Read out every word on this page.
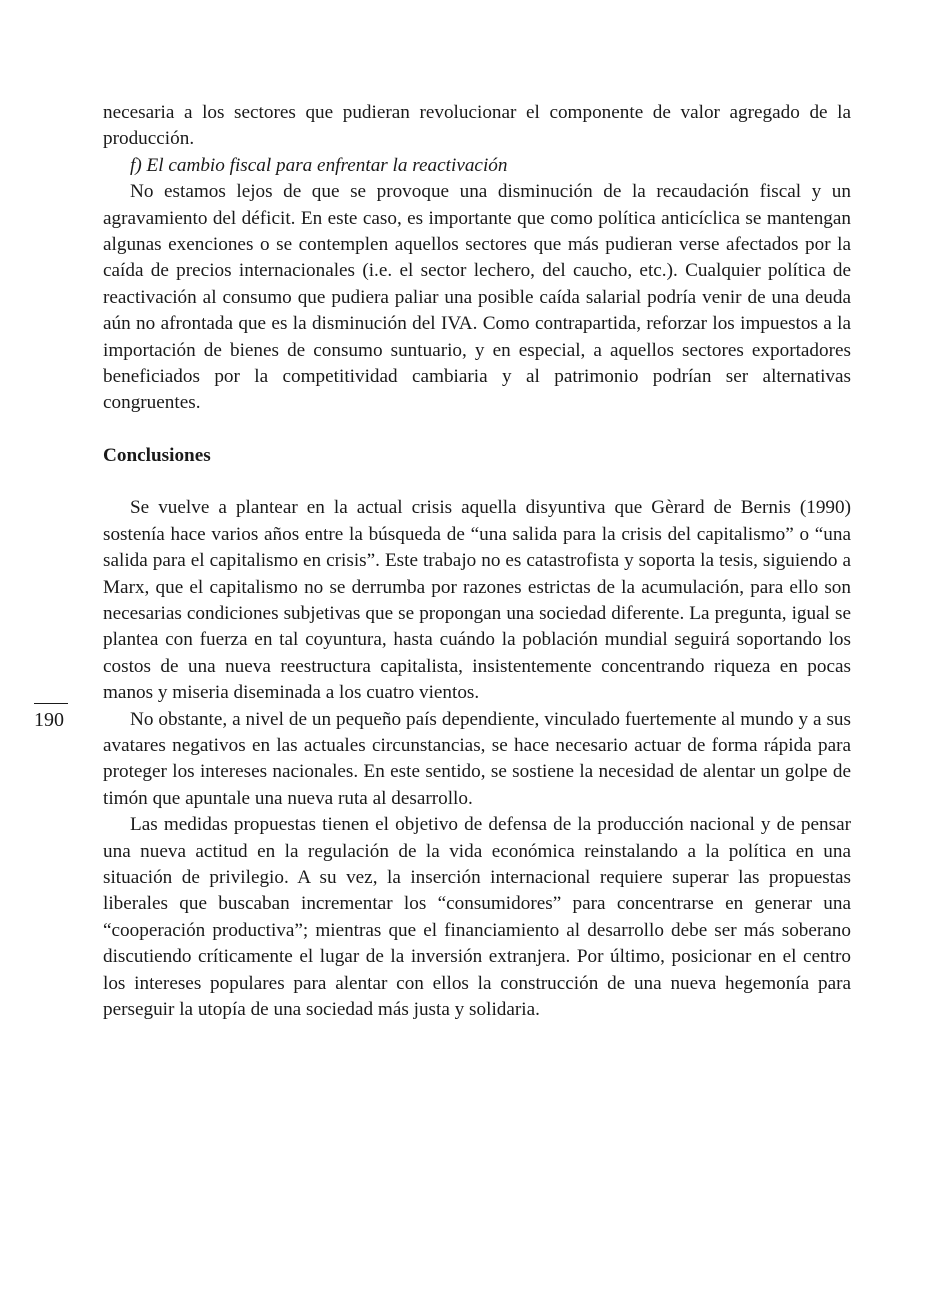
necesaria a los sectores que pudieran revolucionar el componente de valor agregado de la producción.

f) El cambio fiscal para enfrentar la reactivación

No estamos lejos de que se provoque una disminución de la recaudación fiscal y un agravamiento del déficit. En este caso, es importante que como política anticíclica se mantengan algunas exenciones o se contemplen aquellos sectores que más pudieran verse afectados por la caída de precios internacionales (i.e. el sector lechero, del caucho, etc.). Cualquier política de reactivación al consumo que pudiera paliar una posible caída salarial podría venir de una deuda aún no afrontada que es la disminución del IVA. Como contrapartida, reforzar los impuestos a la importación de bienes de consumo suntuario, y en especial, a aquellos sectores exportadores beneficiados por la competitividad cambiaria y al patrimonio podrían ser alternativas congruentes.

Conclusiones

Se vuelve a plantear en la actual crisis aquella disyuntiva que Gèrard de Bernis (1990) sostenía hace varios años entre la búsqueda de “una salida para la crisis del capitalismo” o “una salida para el capitalismo en crisis”. Este trabajo no es catastrofista y soporta la tesis, siguiendo a Marx, que el capitalismo no se derrumba por razones estrictas de la acumulación, para ello son necesarias condiciones subjetivas que se propongan una sociedad diferente. La pregunta, igual se plantea con fuerza en tal coyuntura, hasta cuándo la población mundial seguirá soportando los costos de una nueva reestructura capitalista, insistentemente concentrando riqueza en pocas manos y miseria diseminada a los cuatro vientos.

No obstante, a nivel de un pequeño país dependiente, vinculado fuertemente al mundo y a sus avatares negativos en las actuales circunstancias, se hace necesario actuar de forma rápida para proteger los intereses nacionales. En este sentido, se sostiene la necesidad de alentar un golpe de timón que apuntale una nueva ruta al desarrollo.

Las medidas propuestas tienen el objetivo de defensa de la producción nacional y de pensar una nueva actitud en la regulación de la vida económica reinstalando a la política en una situación de privilegio. A su vez, la inserción internacional requiere superar las propuestas liberales que buscaban incrementar los “consumidores” para concentrarse en generar una “cooperación productiva”; mientras que el financiamiento al desarrollo debe ser más soberano discutiendo críticamente el lugar de la inversión extranjera. Por último, posicionar en el centro los intereses populares para alentar con ellos la construcción de una nueva hegemonía para perseguir la utopía de una sociedad más justa y solidaria.

190
